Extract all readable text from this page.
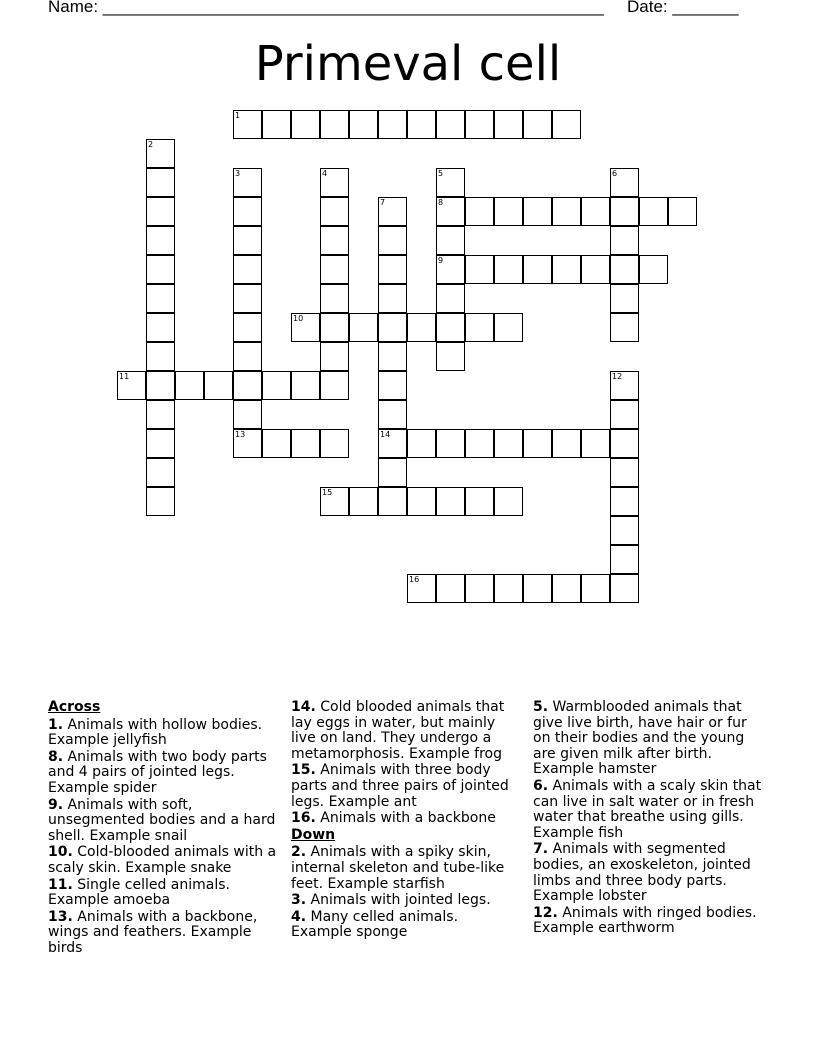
Name: _____________________________________________________ Date: _______
Primeval cell
1
2
3	4	5	6
7	8
9
10
11	12
13	14
15
16
Across
1. Animals with hollow bodies. Example jellyfish
8. Animals with two body parts and 4 pairs of jointed legs. Example spider
9. Animals with soft, unsegmented bodies and a hard shell. Example snail
10. Cold-blooded animals with a scaly skin. Example snake
11. Single celled animals. Example amoeba
13. Animals with a backbone, wings and feathers. Example birds
14. Cold blooded animals that lay eggs in water, but mainly live on land. They undergo a metamorphosis. Example frog
15. Animals with three body parts and three pairs of jointed legs. Example ant
16. Animals with a backbone
Down
2. Animals with a spiky skin, internal skeleton and tube-like feet. Example starfish
3. Animals with jointed legs.
4. Many celled animals. Example sponge
5. Warmblooded animals that give live birth, have hair or fur on their bodies and the young are given milk after birth. Example hamster
6. Animals with a scaly skin that can live in salt water or in fresh water that breathe using gills. Example fish
7. Animals with segmented bodies, an exoskeleton, jointed limbs and three body parts. Example lobster
12. Animals with ringed bodies. Example earthworm
